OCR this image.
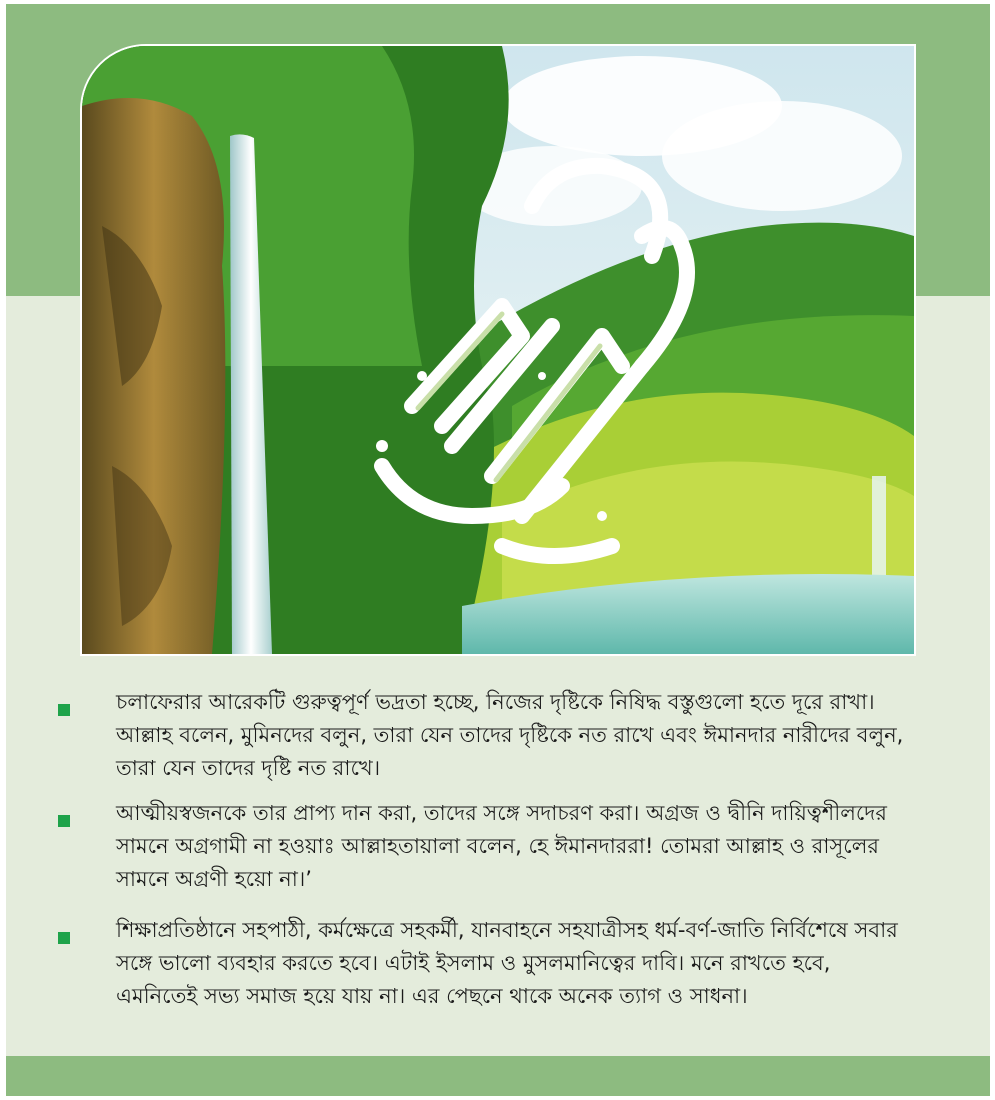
চলাফেরার আরেকটি গুরুত্বপূর্ণ ভদ্রতা হচ্ছে, নিজের দৃষ্টিকে নিষিদ্ধ বস্তুগুলো হতে দূরে রাখা। আল্লাহ বলেন, মুমিনদের বলুন, তারা যেন তাদের দৃষ্টিকে নত রাখে এবং ঈমানদার নারীদের বলুন, তারা যেন তাদের দৃষ্টি নত রাখে।
আত্মীয়স্বজনকে তার প্রাপ্য দান করা, তাদের সঙ্গে সদাচরণ করা। অগ্রজ ও দ্বীনি দায়িত্বশীলদের সামনে অগ্রগামী না হওয়াঃ আল্লাহতায়ালা বলেন, হে ঈমানদাররা! তোমরা আল্লাহ ও রাসূলের সামনে অগ্রণী হয়ো না।’
শিক্ষাপ্রতিষ্ঠানে সহপাঠী, কর্মক্ষেত্রে সহকর্মী, যানবাহনে সহযাত্রীসহ ধর্ম-বর্ণ-জাতি নির্বিশেষে সবার সঙ্গে ভালো ব্যবহার করতে হবে। এটাই ইসলাম ও মুসলমানিত্বের দাবি। মনে রাখতে হবে, এমনিতেই সভ্য সমাজ হয়ে যায় না। এর পেছনে থাকে অনেক ত্যাগ ও সাধনা।
